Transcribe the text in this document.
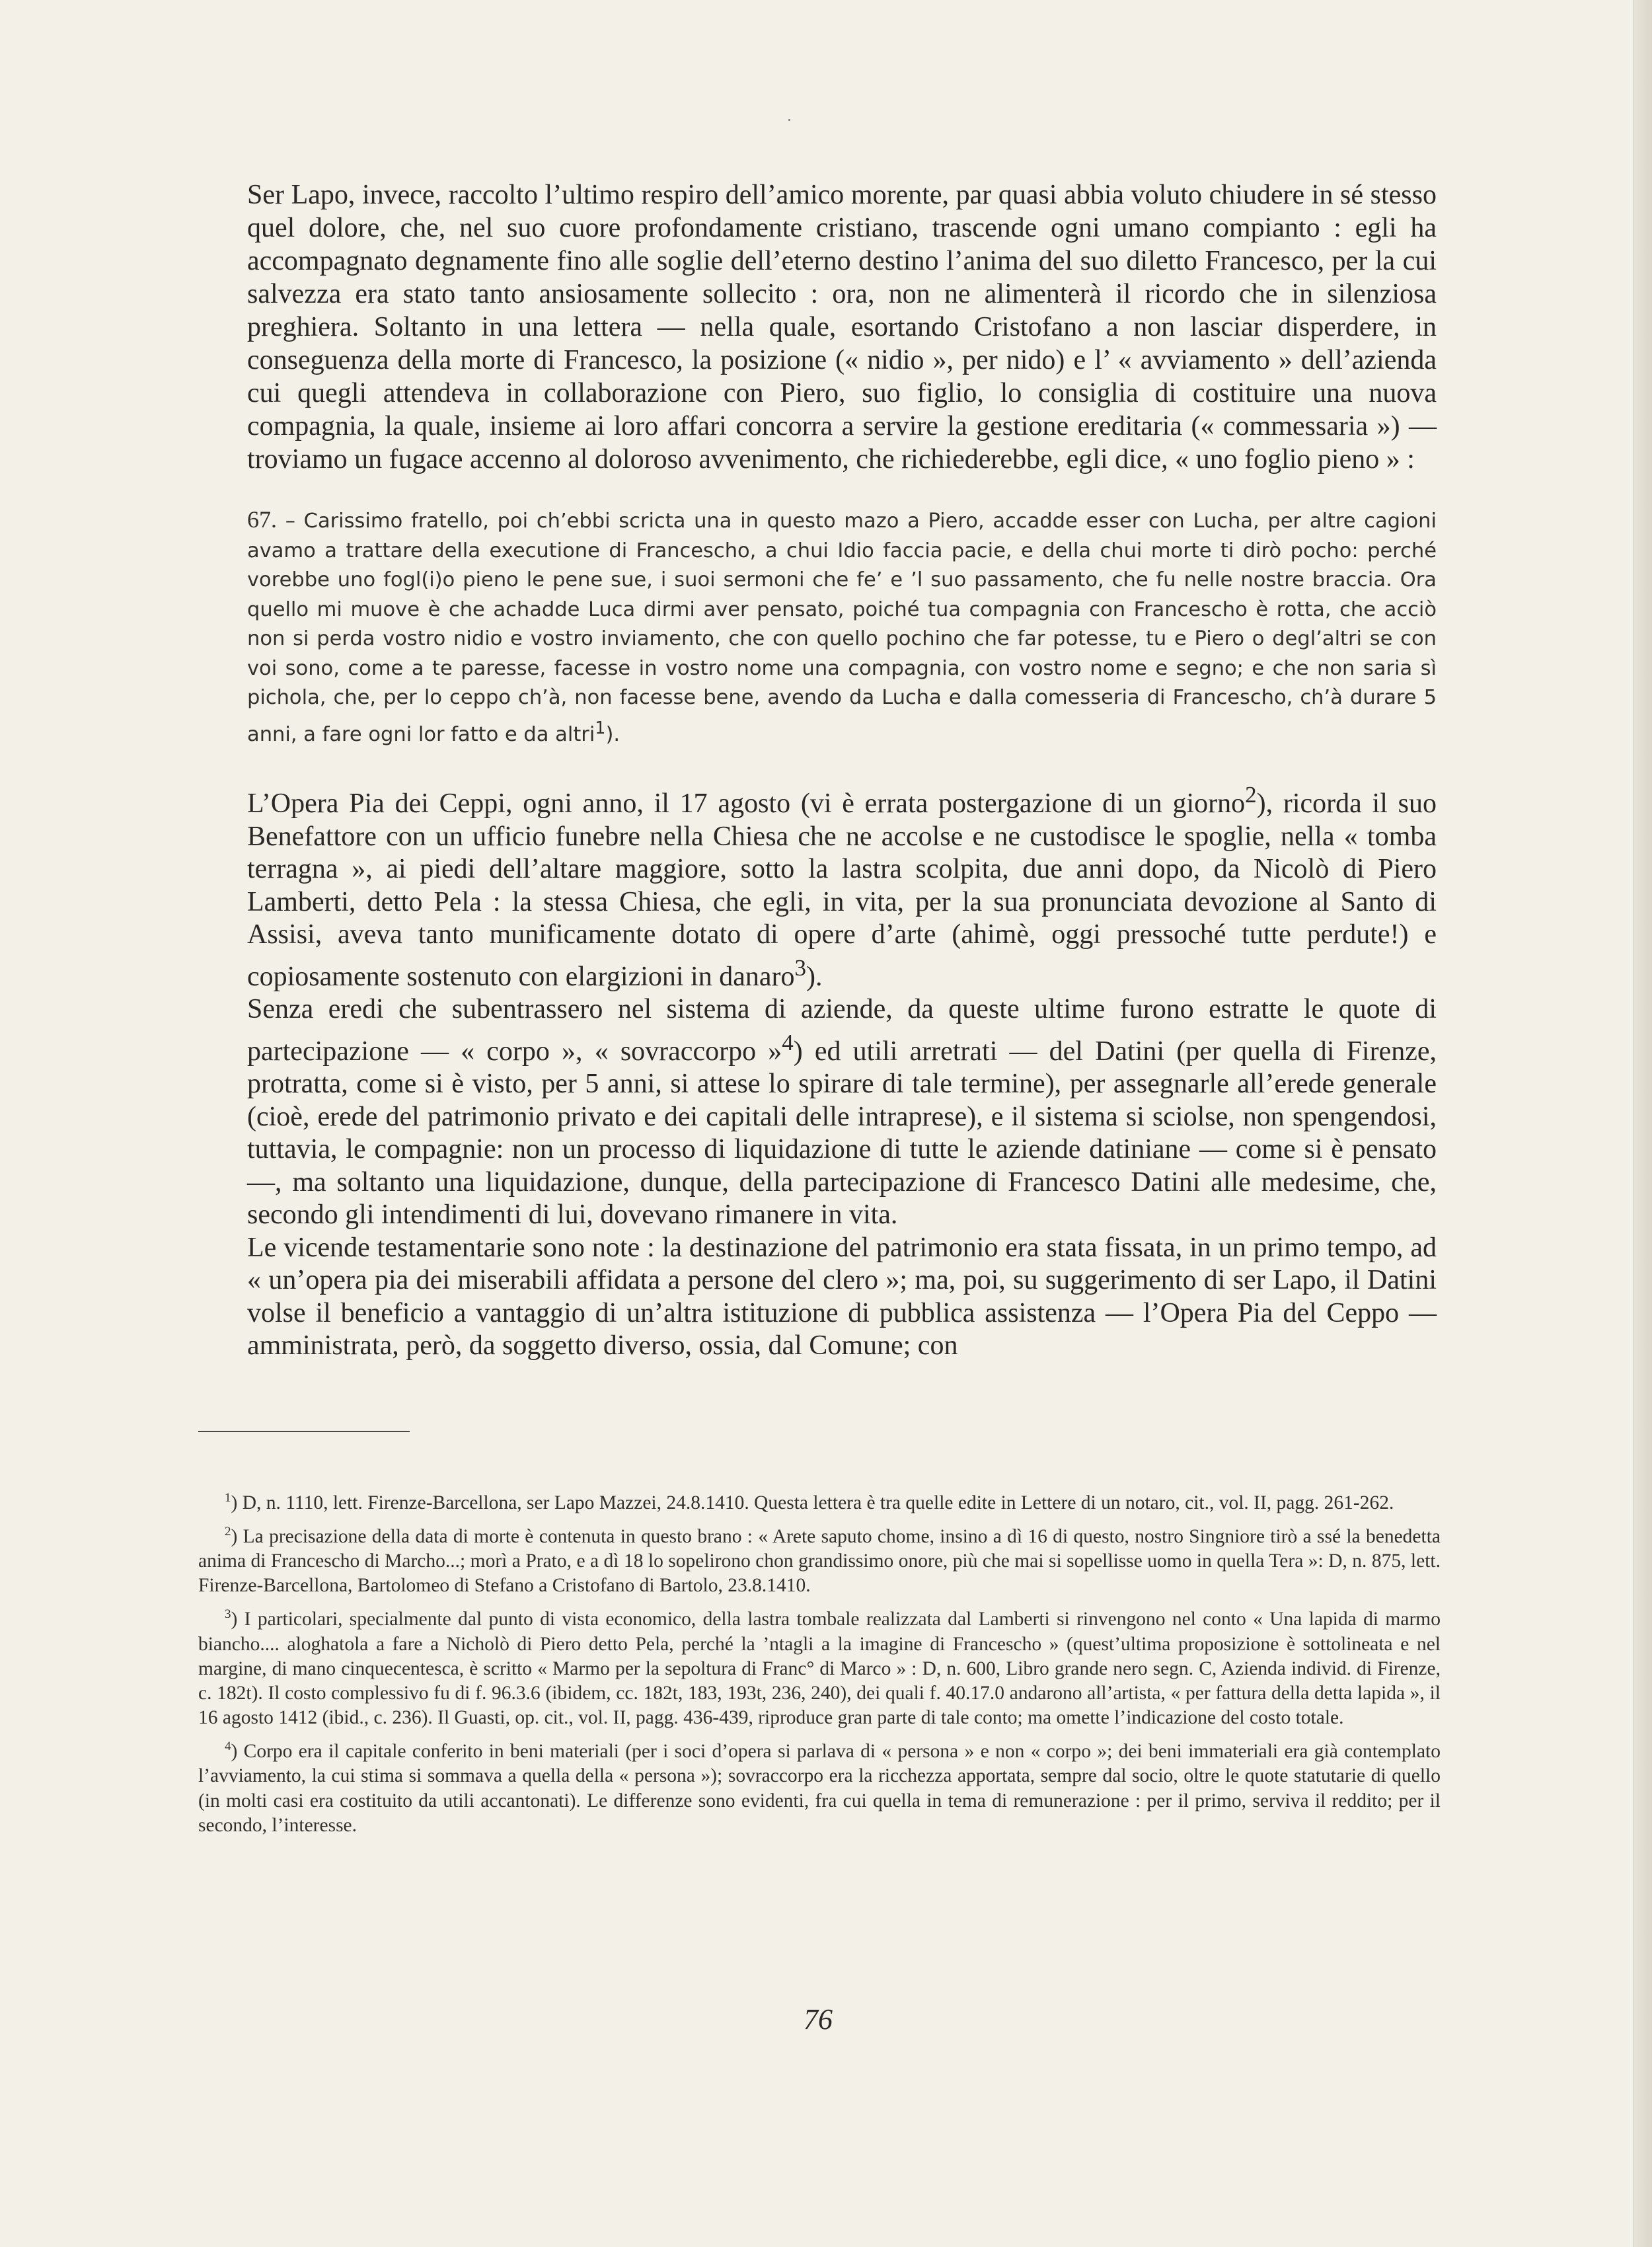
Ser Lapo, invece, raccolto l’ultimo respiro dell’amico morente, par quasi abbia voluto chiudere in sé stesso quel dolore, che, nel suo cuore profondamente cristiano, trascende ogni umano compianto : egli ha accompagnato degnamente fino alle soglie dell’eterno destino l’anima del suo diletto Francesco, per la cui salvezza era stato tanto ansiosamente sollecito : ora, non ne alimenterà il ricordo che in silenziosa preghiera. Soltanto in una lettera — nella quale, esortando Cristofano a non lasciar disperdere, in conseguenza della morte di Francesco, la posizione (« nidio », per nido) e l’ « avviamento » dell’azienda cui quegli attendeva in collaborazione con Piero, suo figlio, lo consiglia di costituire una nuova compagnia, la quale, insieme ai loro affari concorra a servire la gestione ereditaria (« commessaria ») — troviamo un fugace accenno al doloroso avvenimento, che richiederebbe, egli dice, « uno foglio pieno » :

67. – Carissimo fratello, poi ch’ebbi scricta una in questo mazo a Piero, accadde esser con Lucha, per altre cagioni avamo a trattare della executione di Francescho, a chui Idio faccia pacie, e della chui morte ti dirò pocho: perché vorebbe uno fogl(i)o pieno le pene sue, i suoi sermoni che fe’ e ’l suo passamento, che fu nelle nostre braccia. Ora quello mi muove è che achadde Luca dirmi aver pensato, poiché tua compagnia con Francescho è rotta, che acciò non si perda vostro nidio e vostro inviamento, che con quello pochino che far potesse, tu e Piero o degl’altri se con voi sono, come a te paresse, facesse in vostro nome una compagnia, con vostro nome e segno; e che non saria sì pichola, che, per lo ceppo ch’à, non facesse bene, avendo da Lucha e dalla comesseria di Francescho, ch’à durare 5 anni, a fare ogni lor fatto e da altri$^1$).

L’Opera Pia dei Ceppi, ogni anno, il 17 agosto (vi è errata postergazione di un giorno$^2$), ricorda il suo Benefattore con un ufficio funebre nella Chiesa che ne accolse e ne custodisce le spoglie, nella « tomba terragna », ai piedi dell’altare maggiore, sotto la lastra scolpita, due anni dopo, da Nicolò di Piero Lamberti, detto Pela : la stessa Chiesa, che egli, in vita, per la sua pronunciata devozione al Santo di Assisi, aveva tanto munificamente dotato di opere d’arte (ahimè, oggi pressoché tutte perdute!) e copiosamente sostenuto con elargizioni in danaro$^3$).

Senza eredi che subentrassero nel sistema di aziende, da queste ultime furono estratte le quote di partecipazione — « corpo », « sovraccorpo »$^4$) ed utili arretrati — del Datini (per quella di Firenze, protratta, come si è visto, per 5 anni, si attese lo spirare di tale termine), per assegnarle all’erede generale (cioè, erede del patrimonio privato e dei capitali delle intraprese), e il sistema si sciolse, non spengendosi, tuttavia, le compagnie: non un processo di liquidazione di tutte le aziende datiniane — come si è pensato —, ma soltanto una liquidazione, dunque, della partecipazione di Francesco Datini alle medesime, che, secondo gli intendimenti di lui, dovevano rimanere in vita.

Le vicende testamentarie sono note : la destinazione del patrimonio era stata fissata, in un primo tempo, ad « un’opera pia dei miserabili affidata a persone del clero »; ma, poi, su suggerimento di ser Lapo, il Datini volse il beneficio a vantaggio di un’altra istituzione di pubblica assistenza — l’Opera Pia del Ceppo — amministrata, però, da soggetto diverso, ossia, dal Comune; con

$^1$) D, n. 1110, lett. Firenze-Barcellona, ser Lapo Mazzei, 24.8.1410. Questa lettera è tra quelle edite in Lettere di un notaro, cit., vol. II, pagg. 261-262.

$^2$) La precisazione della data di morte è contenuta in questo brano : « Arete saputo chome, insino a dì 16 di questo, nostro Singniore tirò a ssé la benedetta anima di Francescho di Marcho...; morì a Prato, e a dì 18 lo sopelirono chon grandissimo onore, più che mai si sopellisse uomo in quella Tera »: D, n. 875, lett. Firenze-Barcellona, Bartolomeo di Stefano a Cristofano di Bartolo, 23.8.1410.

$^3$) I particolari, specialmente dal punto di vista economico, della lastra tombale realizzata dal Lamberti si rinvengono nel conto « Una lapida di marmo biancho.... aloghatola a fare a Nicholò di Piero detto Pela, perché la ’ntagli a la imagine di Francescho » (quest’ultima proposizione è sottolineata e nel margine, di mano cinquecentesca, è scritto « Marmo per la sepoltura di Franc° di Marco » : D, n. 600, Libro grande nero segn. C, Azienda individ. di Firenze, c. 182t). Il costo complessivo fu di f. 96.3.6 (ibidem, cc. 182t, 183, 193t, 236, 240), dei quali f. 40.17.0 andarono all’artista, « per fattura della detta lapida », il 16 agosto 1412 (ibid., c. 236). Il Guasti, op. cit., vol. II, pagg. 436-439, riproduce gran parte di tale conto; ma omette l’indicazione del costo totale.

$^4$) Corpo era il capitale conferito in beni materiali (per i soci d’opera si parlava di « persona » e non « corpo »; dei beni immateriali era già contemplato l’avviamento, la cui stima si sommava a quella della « persona »); sovraccorpo era la ricchezza apportata, sempre dal socio, oltre le quote statutarie di quello (in molti casi era costituito da utili accantonati). Le differenze sono evidenti, fra cui quella in tema di remunerazione : per il primo, serviva il reddito; per il secondo, l’interesse.

76
